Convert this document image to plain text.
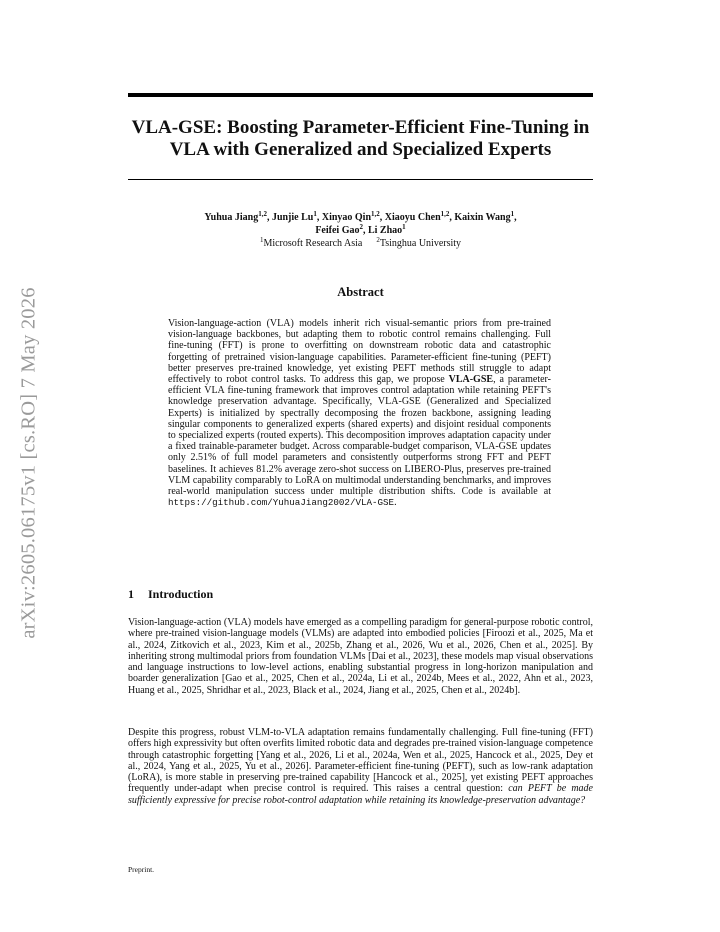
arXiv:2605.06175v1 [cs.RO] 7 May 2026
VLA-GSE: Boosting Parameter-Efficient Fine-Tuning in VLA with Generalized and Specialized Experts
Yuhua Jiang$^{1,2}$, Junjie Lu$^1$, Xinyao Qin$^{1,2}$, Xiaoyu Chen$^{1,2}$, Kaixin Wang$^1$,
Feifei Gao$^2$, Li Zhao$^1$
$^1$Microsoft Research Asia $^2$Tsinghua University
Abstract
Vision-language-action (VLA) models inherit rich visual-semantic priors from pre-trained vision-language backbones, but adapting them to robotic control remains challenging. Full fine-tuning (FFT) is prone to overfitting on downstream robotic data and catastrophic forgetting of pretrained vision-language capabilities. Parameter-efficient fine-tuning (PEFT) better preserves pre-trained knowledge, yet existing PEFT methods still struggle to adapt effectively to robot control tasks. To address this gap, we propose VLA-GSE, a parameter-efficient VLA fine-tuning framework that improves control adaptation while retaining PEFT's knowledge preservation advantage. Specifically, VLA-GSE (Generalized and Specialized Experts) is initialized by spectrally decomposing the frozen backbone, assigning leading singular components to generalized experts (shared experts) and disjoint residual components to specialized experts (routed experts). This decomposition improves adaptation capacity under a fixed trainable-parameter budget. Across comparable-budget comparison, VLA-GSE updates only 2.51% of full model parameters and consistently outperforms strong FFT and PEFT baselines. It achieves 81.2% average zero-shot success on LIBERO-Plus, preserves pre-trained VLM capability comparably to LoRA on multimodal understanding benchmarks, and improves real-world manipulation success under multiple distribution shifts. Code is available at https://github.com/YuhuaJiang2002/VLA-GSE.
1 Introduction
Vision-language-action (VLA) models have emerged as a compelling paradigm for general-purpose robotic control, where pre-trained vision-language models (VLMs) are adapted into embodied policies [Firoozi et al., 2025, Ma et al., 2024, Zitkovich et al., 2023, Kim et al., 2025b, Zhang et al., 2026, Wu et al., 2026, Chen et al., 2025]. By inheriting strong multimodal priors from foundation VLMs [Dai et al., 2023], these models map visual observations and language instructions to low-level actions, enabling substantial progress in long-horizon manipulation and boarder generalization [Gao et al., 2025, Chen et al., 2024a, Li et al., 2024b, Mees et al., 2022, Ahn et al., 2023, Huang et al., 2025, Shridhar et al., 2023, Black et al., 2024, Jiang et al., 2025, Chen et al., 2024b].
Despite this progress, robust VLM-to-VLA adaptation remains fundamentally challenging. Full fine-tuning (FFT) offers high expressivity but often overfits limited robotic data and degrades pre-trained vision-language competence through catastrophic forgetting [Yang et al., 2026, Li et al., 2024a, Wen et al., 2025, Hancock et al., 2025, Dey et al., 2024, Yang et al., 2025, Yu et al., 2026]. Parameter-efficient fine-tuning (PEFT), such as low-rank adaptation (LoRA), is more stable in preserving pre-trained capability [Hancock et al., 2025], yet existing PEFT approaches frequently under-adapt when precise control is required. This raises a central question: can PEFT be made sufficiently expressive for precise robot-control adaptation while retaining its knowledge-preservation advantage?
Preprint.
